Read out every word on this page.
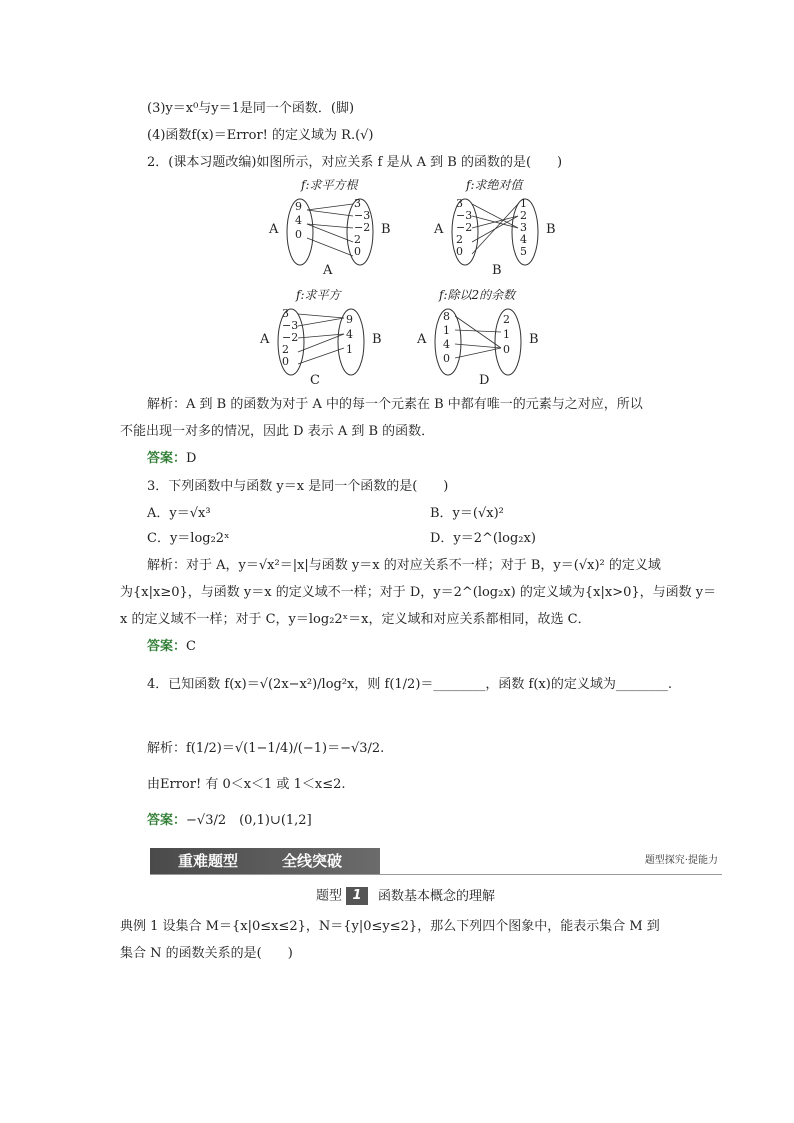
(3)y＝x⁰与y＝1是同一个函数．(脚)
(4)函数f(x)＝Error! 的定义域为 R.(√)
2．(课本习题改编)如图所示，对应关系 f 是从 A 到 B 的函数的是(　　)
f:求平方根
A	B
9
4
0
3
−3
−2
2
0
A
f:求绝对值
A	B
3
−3
−2
2
0
1
2
3
4
5
B
f:求平方
A	B
3
−3
−2
2
0
9
4
1
C
f:除以2的余数
A	B
8
1
4
0
2
1
0
D
解析：A 到 B 的函数为对于 A 中的每一个元素在 B 中都有唯一的元素与之对应，所以
不能出现一对多的情况，因此 D 表示 A 到 B 的函数．
答案：D
3．下列函数中与函数 y＝x 是同一个函数的是(　　)
A．y＝√x³	B．y＝(√x)²
C．y＝log₂2ˣ	D．y＝2^(log₂x)
解析：对于 A，y＝√x²＝|x|与函数 y＝x 的对应关系不一样；对于 B，y＝(√x)² 的定义域
为{x|x≥0}，与函数 y＝x 的定义域不一样；对于 D，y＝2^(log₂x) 的定义域为{x|x>0}，与函数 y＝
x 的定义域不一样；对于 C，y＝log₂2ˣ＝x，定义域和对应关系都相同，故选 C．
答案：C
4．已知函数 f(x)＝√(2x−x²)/log²x，则 f(1/2)＝________，函数 f(x)的定义域为________.
解析：f(1/2)＝√(1−1/4)/(−1)＝−√3/2.
由Error! 有 0＜x＜1 或 1＜x≤2.
答案：−√3/2　(0,1)∪(1,2]
重难题型	全线突破	题型探究·提能力
题型 1 函数基本概念的理解
典例 1 设集合 M＝{x|0≤x≤2}，N＝{y|0≤y≤2}，那么下列四个图象中，能表示集合 M 到
集合 N 的函数关系的是(　　)
